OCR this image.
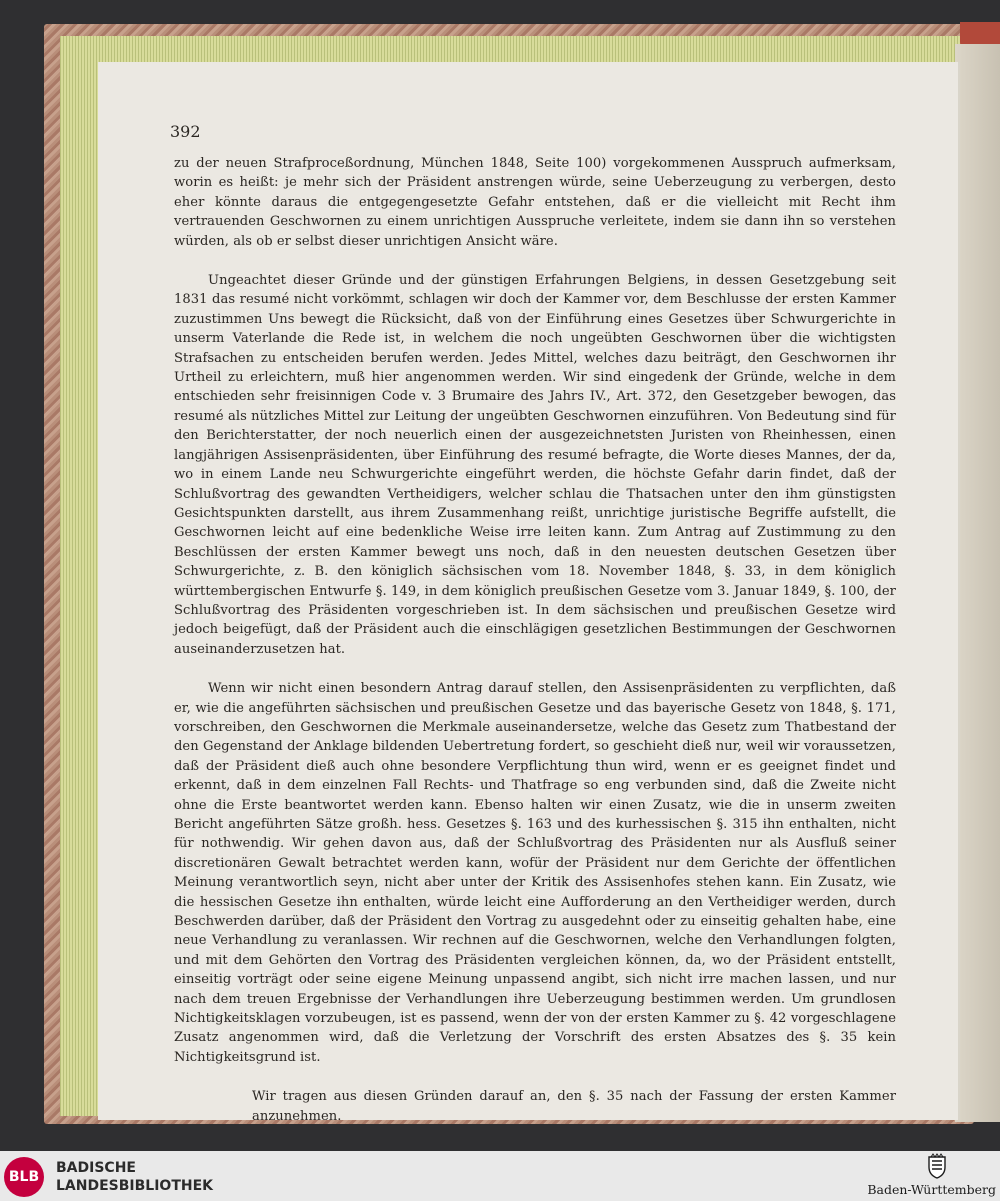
392

zu der neuen Strafproceßordnung, München 1848, Seite 100) vorgekommenen Ausspruch aufmerksam, worin es heißt: je mehr sich der Präsident anstrengen würde, seine Ueberzeugung zu verbergen, desto eher könnte daraus die entgegengesetzte Gefahr entstehen, daß er die vielleicht mit Recht ihm vertrauenden Geschwornen zu einem unrichtigen Ausspruche verleitete, indem sie dann ihn so verstehen würden, als ob er selbst dieser unrichtigen Ansicht wäre.

Ungeachtet dieser Gründe und der günstigen Erfahrungen Belgiens, in dessen Gesetzgebung seit 1831 das resumé nicht vorkömmt, schlagen wir doch der Kammer vor, dem Beschlusse der ersten Kammer zuzustimmen Uns bewegt die Rücksicht, daß von der Einführung eines Gesetzes über Schwurgerichte in unserm Vaterlande die Rede ist, in welchem die noch ungeübten Geschwornen über die wichtigsten Strafsachen zu entscheiden berufen werden. Jedes Mittel, welches dazu beiträgt, den Geschwornen ihr Urtheil zu erleichtern, muß hier angenommen werden. Wir sind eingedenk der Gründe, welche in dem entschieden sehr freisinnigen Code v. 3 Brumaire des Jahrs IV., Art. 372, den Gesetzgeber bewogen, das resumé als nützliches Mittel zur Leitung der ungeübten Geschwornen einzuführen. Von Bedeutung sind für den Berichterstatter, der noch neuerlich einen der ausgezeichnetsten Juristen von Rheinhessen, einen langjährigen Assisenpräsidenten, über Einführung des resumé befragte, die Worte dieses Mannes, der da, wo in einem Lande neu Schwurgerichte eingeführt werden, die höchste Gefahr darin findet, daß der Schlußvortrag des gewandten Vertheidigers, welcher schlau die Thatsachen unter den ihm günstigsten Gesichtspunkten darstellt, aus ihrem Zusammenhang reißt, unrichtige juristische Begriffe aufstellt, die Geschwornen leicht auf eine bedenkliche Weise irre leiten kann. Zum Antrag auf Zustimmung zu den Beschlüssen der ersten Kammer bewegt uns noch, daß in den neuesten deutschen Gesetzen über Schwurgerichte, z. B. den königlich sächsischen vom 18. November 1848, §. 33, in dem königlich württembergischen Entwurfe §. 149, in dem königlich preußischen Gesetze vom 3. Januar 1849, §. 100, der Schlußvortrag des Präsidenten vorgeschrieben ist. In dem sächsischen und preußischen Gesetze wird jedoch beigefügt, daß der Präsident auch die einschlägigen gesetzlichen Bestimmungen der Geschwornen auseinanderzusetzen hat.

Wenn wir nicht einen besondern Antrag darauf stellen, den Assisenpräsidenten zu verpflichten, daß er, wie die angeführten sächsischen und preußischen Gesetze und das bayerische Gesetz von 1848, §. 171, vorschreiben, den Geschwornen die Merkmale auseinandersetze, welche das Gesetz zum Thatbestand der den Gegenstand der Anklage bildenden Uebertretung fordert, so geschieht dieß nur, weil wir voraussetzen, daß der Präsident dieß auch ohne besondere Verpflichtung thun wird, wenn er es geeignet findet und erkennt, daß in dem einzelnen Fall Rechts- und Thatfrage so eng verbunden sind, daß die Zweite nicht ohne die Erste beantwortet werden kann. Ebenso halten wir einen Zusatz, wie die in unserm zweiten Bericht angeführten Sätze großh. hess. Gesetzes §. 163 und des kurhessischen §. 315 ihn enthalten, nicht für nothwendig. Wir gehen davon aus, daß der Schlußvortrag des Präsidenten nur als Ausfluß seiner discretionären Gewalt betrachtet werden kann, wofür der Präsident nur dem Gerichte der öffentlichen Meinung verantwortlich seyn, nicht aber unter der Kritik des Assisenhofes stehen kann. Ein Zusatz, wie die hessischen Gesetze ihn enthalten, würde leicht eine Aufforderung an den Vertheidiger werden, durch Beschwerden darüber, daß der Präsident den Vortrag zu ausgedehnt oder zu einseitig gehalten habe, eine neue Verhandlung zu veranlassen. Wir rechnen auf die Geschwornen, welche den Verhandlungen folgten, und mit dem Gehörten den Vortrag des Präsidenten vergleichen können, da, wo der Präsident entstellt, einseitig vorträgt oder seine eigene Meinung unpassend angibt, sich nicht irre machen lassen, und nur nach dem treuen Ergebnisse der Verhandlungen ihre Ueberzeugung bestimmen werden. Um grundlosen Nichtigkeitsklagen vorzubeugen, ist es passend, wenn der von der ersten Kammer zu §. 42 vorgeschlagene Zusatz angenommen wird, daß die Verletzung der Vorschrift des ersten Absatzes des §. 35 kein Nichtigkeitsgrund ist.

Wir tragen aus diesen Gründen darauf an, den §. 35 nach der Fassung der ersten Kammer anzunehmen.

BLB
BADISCHE
LANDESBIBLIOTHEK	Baden-Württemberg
